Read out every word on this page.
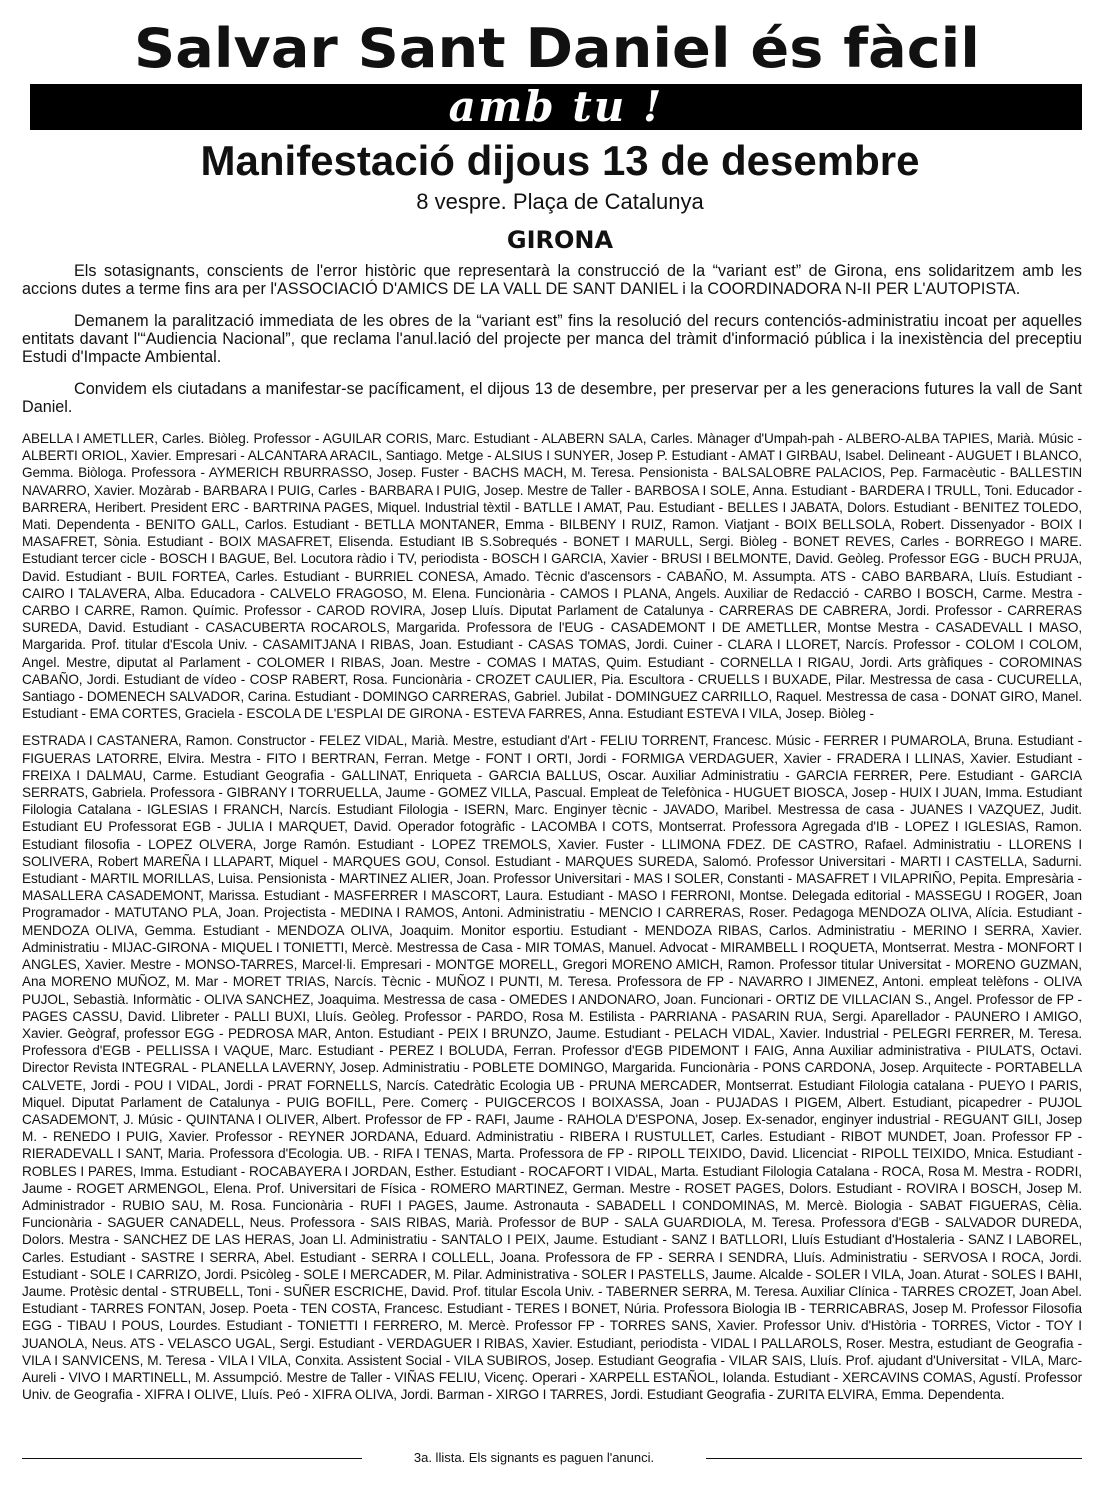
Salvar Sant Daniel és fàcil
amb tu !
Manifestació dijous 13 de desembre
8 vespre. Plaça de Catalunya
GIRONA

Els sotasignants, conscients de l'error històric que representarà la construcció de la “variant est” de Girona, ens solidaritzem amb les accions dutes a terme fins ara per l'ASSOCIACIÓ D'AMICS DE LA VALL DE SANT DANIEL i la COORDINADORA N-II PER L'AUTOPISTA.

Demanem la paralització immediata de les obres de la “variant est” fins la resolució del recurs contenciós-administratiu incoat per aquelles entitats davant l'“Audiencia Nacional”, que reclama l'anul.lació del projecte per manca del tràmit d'informació pública i la inexistència del preceptiu Estudi d'Impacte Ambiental.

Convidem els ciutadans a manifestar-se pacíficament, el dijous 13 de desembre, per preservar per a les generacions futures la vall de Sant Daniel.

ABELLA I AMETLLER, Carles. Biòleg. Professor - AGUILAR CORIS, Marc. Estudiant - ALABERN SALA, Carles. Mànager d'Umpah-pah - ALBERO-ALBA TAPIES, Marià. Músic - ALBERTI ORIOL, Xavier. Empresari - ALCANTARA ARACIL, Santiago. Metge - ALSIUS I SUNYER, Josep P. Estudiant - AMAT I GIRBAU, Isabel. Delineant - AUGUET I BLANCO, Gemma. Biòloga. Professora - AYMERICH RBURRASSO, Josep. Fuster - BACHS MACH, M. Teresa. Pensionista - BALSALOBRE PALACIOS, Pep. Farmacèutic - BALLESTIN NAVARRO, Xavier. Mozàrab - BARBARA I PUIG, Carles - BARBARA I PUIG, Josep. Mestre de Taller - BARBOSA I SOLE, Anna. Estudiant - BARDERA I TRULL, Toni. Educador - BARRERA, Heribert. President ERC - BARTRINA PAGES, Miquel. Industrial tèxtil - BATLLE I AMAT, Pau. Estudiant - BELLES I JABATA, Dolors. Estudiant - BENITEZ TOLEDO, Mati. Dependenta - BENITO GALL, Carlos. Estudiant - BETLLA MONTANER, Emma - BILBENY I RUIZ, Ramon. Viatjant - BOIX BELLSOLA, Robert. Dissenyador - BOIX I MASAFRET, Sònia. Estudiant - BOIX MASAFRET, Elisenda. Estudiant IB S.Sobrequés - BONET I MARULL, Sergi. Biòleg - BONET REVES, Carles - BORREGO I MARE. Estudiant tercer cicle - BOSCH I BAGUE, Bel. Locutora ràdio i TV, periodista - BOSCH I GARCIA, Xavier - BRUSI I BELMONTE, David. Geòleg. Professor EGG - BUCH PRUJA, David. Estudiant - BUIL FORTEA, Carles. Estudiant - BURRIEL CONESA, Amado. Tècnic d'ascensors - CABAÑO, M. Assumpta. ATS - CABO BARBARA, Lluís. Estudiant - CAIRO I TALAVERA, Alba. Educadora - CALVELO FRAGOSO, M. Elena. Funcionària - CAMOS I PLANA, Angels. Auxiliar de Redacció - CARBO I BOSCH, Carme. Mestra - CARBO I CARRE, Ramon. Químic. Professor - CAROD ROVIRA, Josep Lluís. Diputat Parlament de Catalunya - CARRERAS DE CABRERA, Jordi. Professor - CARRERAS SUREDA, David. Estudiant - CASACUBERTA ROCAROLS, Margarida. Professora de l'EUG - CASADEMONT I DE AMETLLER, Montse Mestra - CASADEVALL I MASO, Margarida. Prof. titular d'Escola Univ. - CASAMITJANA I RIBAS, Joan. Estudiant - CASAS TOMAS, Jordi. Cuiner - CLARA I LLORET, Narcís. Professor - COLOM I COLOM, Angel. Mestre, diputat al Parlament - COLOMER I RIBAS, Joan. Mestre - COMAS I MATAS, Quim. Estudiant - CORNELLA I RIGAU, Jordi. Arts gràfiques - COROMINAS CABAÑO, Jordi. Estudiant de vídeo - COSP RABERT, Rosa. Funcionària - CROZET CAULIER, Pia. Escultora - CRUELLS I BUXADE, Pilar. Mestressa de casa - CUCURELLA, Santiago - DOMENECH SALVADOR, Carina. Estudiant - DOMINGO CARRERAS, Gabriel. Jubilat - DOMINGUEZ CARRILLO, Raquel. Mestressa de casa - DONAT GIRO, Manel. Estudiant - EMA CORTES, Graciela - ESCOLA DE L'ESPLAI DE GIRONA - ESTEVA FARRES, Anna. Estudiant ESTEVA I VILA, Josep. Biòleg -
ESTRADA I CASTANERA, Ramon. Constructor - FELEZ VIDAL, Marià. Mestre, estudiant d'Art - FELIU TORRENT, Francesc. Músic - FERRER I PUMAROLA, Bruna. Estudiant - FIGUERAS LATORRE, Elvira. Mestra - FITO I BERTRAN, Ferran. Metge - FONT I ORTI, Jordi - FORMIGA VERDAGUER, Xavier - FRADERA I LLINAS, Xavier. Estudiant - FREIXA I DALMAU, Carme. Estudiant Geografia - GALLINAT, Enriqueta - GARCIA BALLUS, Oscar. Auxiliar Administratiu - GARCIA FERRER, Pere. Estudiant - GARCIA SERRATS, Gabriela. Professora - GIBRANY I TORRUELLA, Jaume - GOMEZ VILLA, Pascual. Empleat de Telefònica - HUGUET BIOSCA, Josep - HUIX I JUAN, Imma. Estudiant Filologia Catalana - IGLESIAS I FRANCH, Narcís. Estudiant Filologia - ISERN, Marc. Enginyer tècnic - JAVADO, Maribel. Mestressa de casa - JUANES I VAZQUEZ, Judit. Estudiant EU Professorat EGB - JULIA I MARQUET, David. Operador fotogràfic - LACOMBA I COTS, Montserrat. Professora Agregada d'IB - LOPEZ I IGLESIAS, Ramon. Estudiant filosofia - LOPEZ OLVERA, Jorge Ramón. Estudiant - LOPEZ TREMOLS, Xavier. Fuster - LLIMONA FDEZ. DE CASTRO, Rafael. Administratiu - LLORENS I SOLIVERA, Robert MAREÑA I LLAPART, Miquel - MARQUES GOU, Consol. Estudiant - MARQUES SUREDA, Salomó. Professor Universitari - MARTI I CASTELLA, Sadurni. Estudiant - MARTIL MORILLAS, Luisa. Pensionista - MARTINEZ ALIER, Joan. Professor Universitari - MAS I SOLER, Constanti - MASAFRET I VILAPRIÑO, Pepita. Empresària - MASALLERA CASADEMONT, Marissa. Estudiant - MASFERRER I MASCORT, Laura. Estudiant - MASO I FERRONI, Montse. Delegada editorial - MASSEGU I ROGER, Joan Programador - MATUTANO PLA, Joan. Projectista - MEDINA I RAMOS, Antoni. Administratiu - MENCIO I CARRERAS, Roser. Pedagoga MENDOZA OLIVA, Alícia. Estudiant - MENDOZA OLIVA, Gemma. Estudiant - MENDOZA OLIVA, Joaquim. Monitor esportiu. Estudiant - MENDOZA RIBAS, Carlos. Administratiu - MERINO I SERRA, Xavier. Administratiu - MIJAC-GIRONA - MIQUEL I TONIETTI, Mercè. Mestressa de Casa - MIR TOMAS, Manuel. Advocat - MIRAMBELL I ROQUETA, Montserrat. Mestra - MONFORT I ANGLES, Xavier. Mestre - MONSO-TARRES, Marcel·li. Empresari - MONTGE MORELL, Gregori MORENO AMICH, Ramon. Professor titular Universitat - MORENO GUZMAN, Ana MORENO MUÑOZ, M. Mar - MORET TRIAS, Narcís. Tècnic - MUÑOZ I PUNTI, M. Teresa. Professora de FP - NAVARRO I JIMENEZ, Antoni. empleat telèfons - OLIVA PUJOL, Sebastià. Informàtic - OLIVA SANCHEZ, Joaquima. Mestressa de casa - OMEDES I ANDONARO, Joan. Funcionari - ORTIZ DE VILLACIAN S., Angel. Professor de FP - PAGES CASSU, David. Llibreter - PALLI BUXI, Lluís. Geòleg. Professor - PARDO, Rosa M. Estilista - PARRIANA - PASARIN RUA, Sergi. Aparellador - PAUNERO I AMIGO, Xavier. Geògraf, professor EGG - PEDROSA MAR, Anton. Estudiant - PEIX I BRUNZO, Jaume. Estudiant - PELACH VIDAL, Xavier. Industrial - PELEGRI FERRER, M. Teresa. Professora d'EGB - PELLISSA I VAQUE, Marc. Estudiant - PEREZ I BOLUDA, Ferran. Professor d'EGB PIDEMONT I FAIG, Anna Auxiliar administrativa - PIULATS, Octavi. Director Revista INTEGRAL - PLANELLA LAVERNY, Josep. Administratiu - POBLETE DOMINGO, Margarida. Funcionària - PONS CARDONA, Josep. Arquitecte - PORTABELLA CALVETE, Jordi - POU I VIDAL, Jordi - PRAT FORNELLS, Narcís. Catedràtic Ecologia UB - PRUNA MERCADER, Montserrat. Estudiant Filologia catalana - PUEYO I PARIS, Miquel. Diputat Parlament de Catalunya - PUIG BOFILL, Pere. Comerç - PUIGCERCOS I BOIXASSA, Joan - PUJADAS I PIGEM, Albert. Estudiant, picapedrer - PUJOL CASADEMONT, J. Músic - QUINTANA I OLIVER, Albert. Professor de FP - RAFI, Jaume - RAHOLA D'ESPONA, Josep. Ex-senador, enginyer industrial - REGUANT GILI, Josep M. - RENEDO I PUIG, Xavier. Professor - REYNER JORDANA, Eduard. Administratiu - RIBERA I RUSTULLET, Carles. Estudiant - RIBOT MUNDET, Joan. Professor FP - RIERADEVALL I SANT, Maria. Professora d'Ecologia. UB. - RIFA I TENAS, Marta. Professora de FP - RIPOLL TEIXIDO, David. Llicenciat - RIPOLL TEIXIDO, Mnica. Estudiant - ROBLES I PARES, Imma. Estudiant - ROCABAYERA I JORDAN, Esther. Estudiant - ROCAFORT I VIDAL, Marta. Estudiant Filologia Catalana - ROCA, Rosa M. Mestra - RODRI, Jaume - ROGET ARMENGOL, Elena. Prof. Universitari de Física - ROMERO MARTINEZ, German. Mestre - ROSET PAGES, Dolors. Estudiant - ROVIRA I BOSCH, Josep M. Administrador - RUBIO SAU, M. Rosa. Funcionària - RUFI I PAGES, Jaume. Astronauta - SABADELL I CONDOMINAS, M. Mercè. Biologia - SABAT FIGUERAS, Cèlia. Funcionària - SAGUER CANADELL, Neus. Professora - SAIS RIBAS, Marià. Professor de BUP - SALA GUARDIOLA, M. Teresa. Professora d'EGB - SALVADOR DUREDA, Dolors. Mestra - SANCHEZ DE LAS HERAS, Joan Ll. Administratiu - SANTALO I PEIX, Jaume. Estudiant - SANZ I BATLLORI, Lluís Estudiant d'Hostaleria - SANZ I LABOREL, Carles. Estudiant - SASTRE I SERRA, Abel. Estudiant - SERRA I COLLELL, Joana. Professora de FP - SERRA I SENDRA, Lluís. Administratiu - SERVOSA I ROCA, Jordi. Estudiant - SOLE I CARRIZO, Jordi. Psicòleg - SOLE I MERCADER, M. Pilar. Administrativa - SOLER I PASTELLS, Jaume. Alcalde - SOLER I VILA, Joan. Aturat - SOLES I BAHI, Jaume. Protèsic dental - STRUBELL, Toni - SUÑER ESCRICHE, David. Prof. titular Escola Univ. - TABERNER SERRA, M. Teresa. Auxiliar Clínica - TARRES CROZET, Joan Abel. Estudiant - TARRES FONTAN, Josep. Poeta - TEN COSTA, Francesc. Estudiant - TERES I BONET, Núria. Professora Biologia IB - TERRICABRAS, Josep M. Professor Filosofia EGG - TIBAU I POUS, Lourdes. Estudiant - TONIETTI I FERRERO, M. Mercè. Professor FP - TORRES SANS, Xavier. Professor Univ. d'Història - TORRES, Victor - TOY I JUANOLA, Neus. ATS - VELASCO UGAL, Sergi. Estudiant - VERDAGUER I RIBAS, Xavier. Estudiant, periodista - VIDAL I PALLAROLS, Roser. Mestra, estudiant de Geografia - VILA I SANVICENS, M. Teresa - VILA I VILA, Conxita. Assistent Social - VILA SUBIROS, Josep. Estudiant Geografia - VILAR SAIS, Lluís. Prof. ajudant d'Universitat - VILA, Marc-Aureli - VIVO I MARTINELL, M. Assumpció. Mestre de Taller - VIÑAS FELIU, Vicenç. Operari - XARPELL ESTAÑOL, Iolanda. Estudiant - XERCAVINS COMAS, Agustí. Professor Univ. de Geografia - XIFRA I OLIVE, Lluís. Peó - XIFRA OLIVA, Jordi. Barman - XIRGO I TARRES, Jordi. Estudiant Geografia - ZURITA ELVIRA, Emma. Dependenta.
3a. llista. Els signants es paguen l'anunci.
